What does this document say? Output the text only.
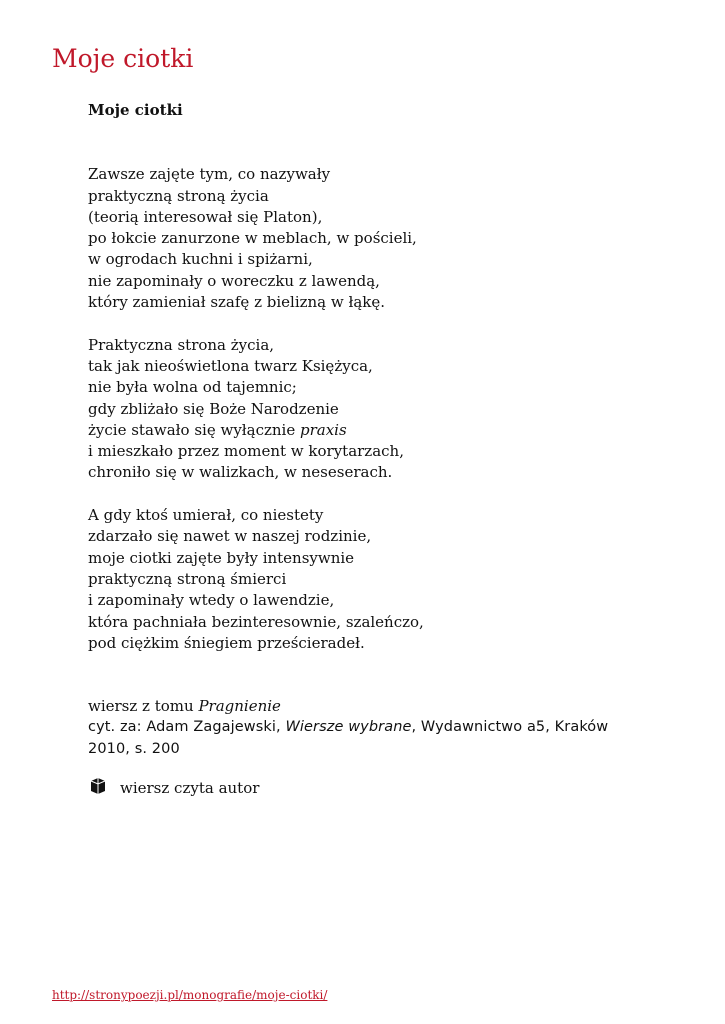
Moje ciotki
Moje ciotki
Zawsze zajęte tym, co nazywały
praktyczną stroną życia
(teorią interesował się Platon),
po łokcie zanurzone w meblach, w pościeli,
w ogrodach kuchni i spiżarni,
nie zapominały o woreczku z lawendą,
który zamieniał szafę z bielizną w łąkę.
Praktyczna strona życia,
tak jak nieoświetlona twarz Księżyca,
nie była wolna od tajemnic;
gdy zbliżało się Boże Narodzenie
życie stawało się wyłącznie praxis
i mieszkało przez moment w korytarzach,
chroniło się w walizkach, w neseserach.
A gdy ktoś umierał, co niestety
zdarzało się nawet w naszej rodzinie,
moje ciotki zajęte były intensywnie
praktyczną stroną śmierci
i zapominały wtedy o lawendzie,
która pachniała bezinteresownie, szaleńczo,
pod ciężkim śniegiem prześcieradeł.
wiersz z tomu Pragnienie
cyt. za: Adam Zagajewski, Wiersze wybrane, Wydawnictwo a5, Kraków 2010, s. 200
wiersz czyta autor
http://stronypoezji.pl/monografie/moje-ciotki/
